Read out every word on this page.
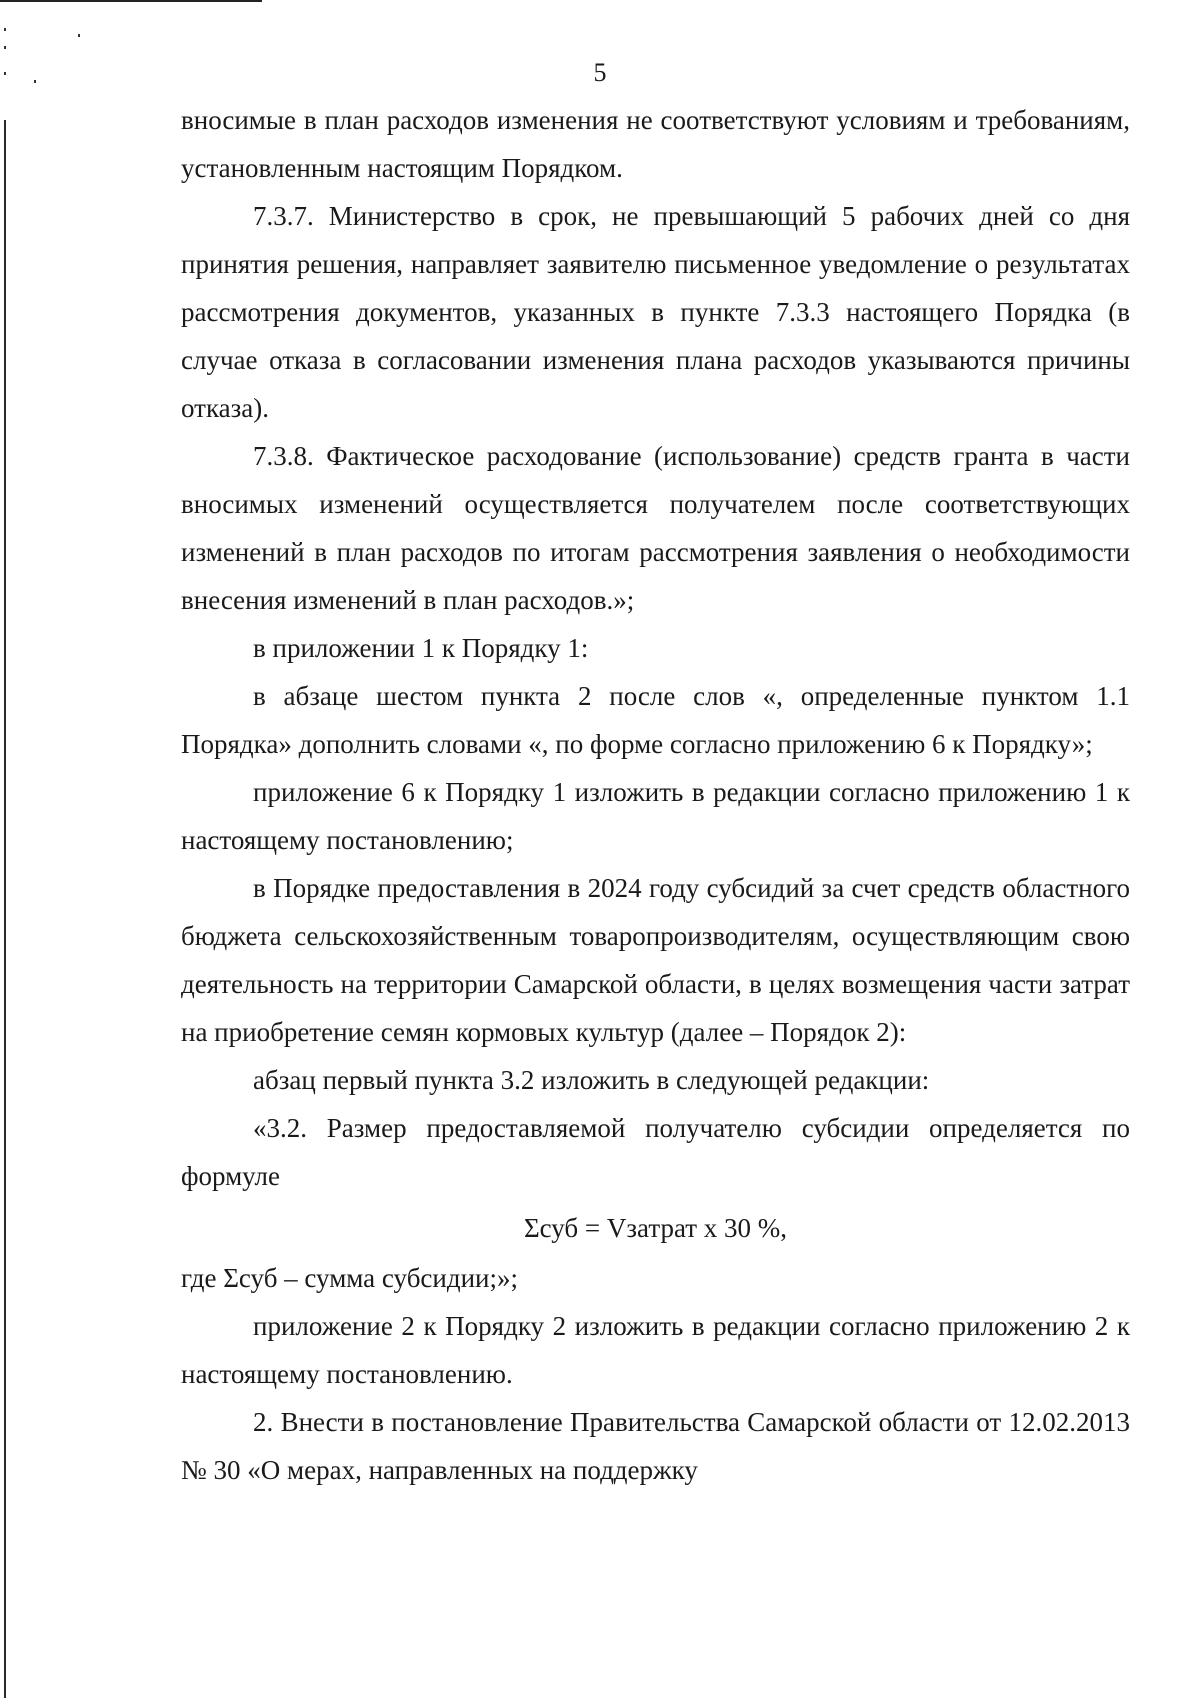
5

вносимые в план расходов изменения не соответствуют условиям и требованиям, установленным настоящим Порядком.

7.3.7. Министерство в срок, не превышающий 5 рабочих дней со дня принятия решения, направляет заявителю письменное уведомление о результатах рассмотрения документов, указанных в пункте 7.3.3 настоящего Порядка (в случае отказа в согласовании изменения плана расходов указываются причины отказа).

7.3.8. Фактическое расходование (использование) средств гранта в части вносимых изменений осуществляется получателем после соответствующих изменений в план расходов по итогам рассмотрения заявления о необходимости внесения изменений в план расходов.»;

в приложении 1 к Порядку 1:

в абзаце шестом пункта 2 после слов «, определенные пунктом 1.1 Порядка» дополнить словами «, по форме согласно приложению 6 к Порядку»;

приложение 6 к Порядку 1 изложить в редакции согласно приложению 1 к настоящему постановлению;

в Порядке предоставления в 2024 году субсидий за счет средств областного бюджета сельскохозяйственным товаропроизводителям, осуществляющим свою деятельность на территории Самарской области, в целях возмещения части затрат на приобретение семян кормовых культур (далее – Порядок 2):

абзац первый пункта 3.2 изложить в следующей редакции:

«3.2. Размер предоставляемой получателю субсидии определяется по формуле

Σсуб = Vзатрат х 30 %,

где Σсуб – сумма субсидии;»;

приложение 2 к Порядку 2 изложить в редакции согласно приложению 2 к настоящему постановлению.

2. Внести в постановление Правительства Самарской области от 12.02.2013 № 30 «О мерах, направленных на поддержку
